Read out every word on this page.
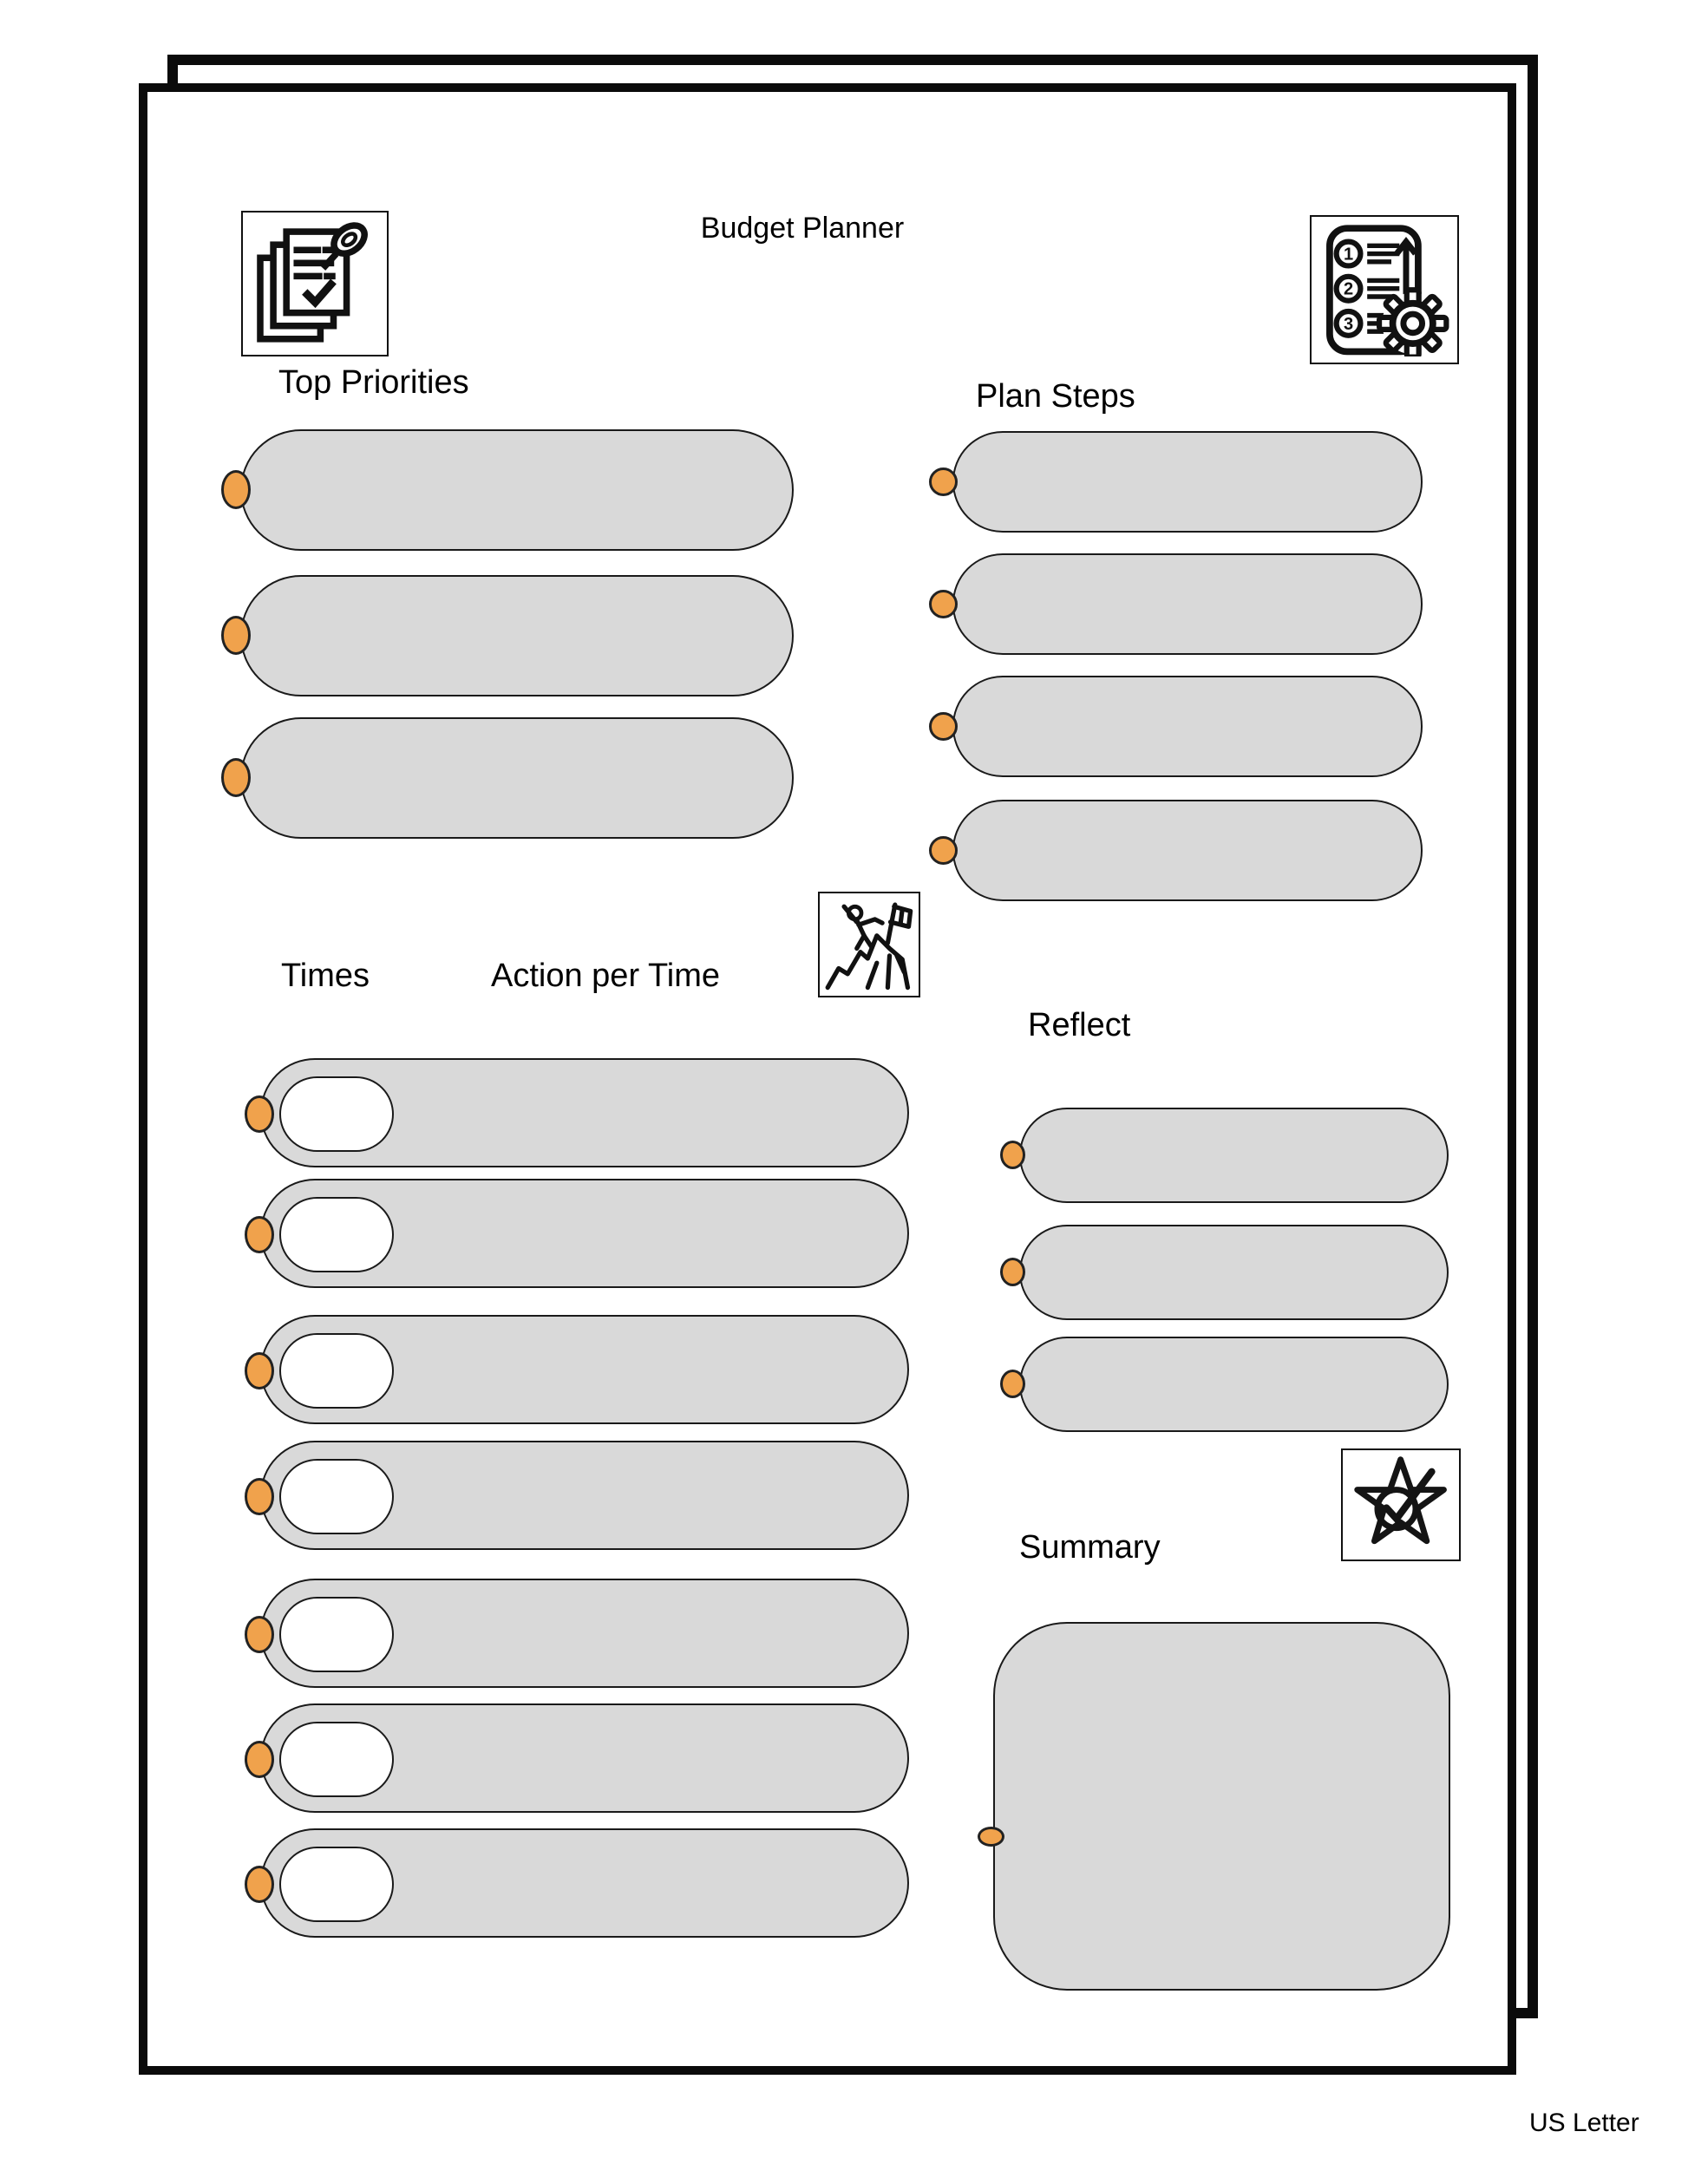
Budget Planner
1
2
3
Top Priorities	Plan Steps
Times	Action per Time
Reflect
Summary
US Letter
